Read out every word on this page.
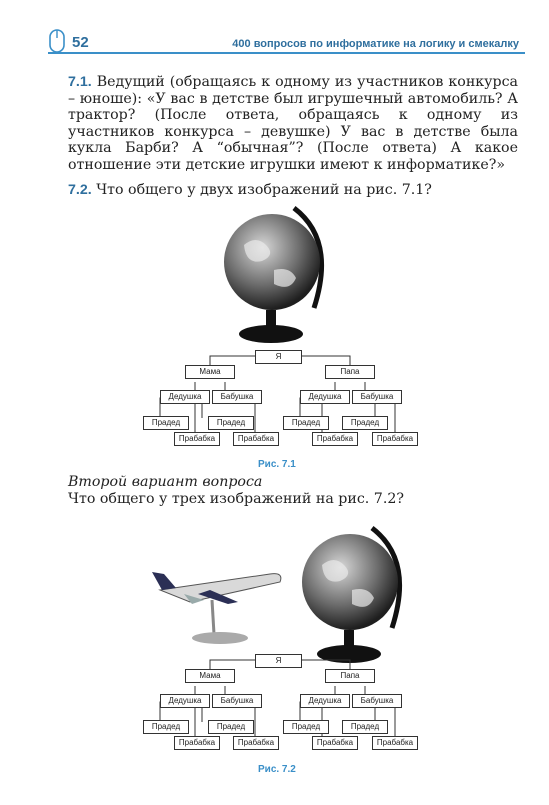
52	400 вопросов по информатике на логику и смекалку
7.1. Ведущий (обращаясь к одному из участников конкурса – юноше): «У вас в детстве был игрушечный автомобиль? А трактор? (После ответа, обращаясь к одному из участников конкурса – девушке) У вас в детстве была кукла Барби? А “обычная”? (После ответа) А какое отношение эти детские игрушки имеют к информатике?»
7.2. Что общего у двух изображений на рис. 7.1?
Я
Мама	Папа
Дедушка	Бабушка	Дедушка	Бабушка
Прадед	Прадед	Прадед	Прадед
Прабабка	Прабабка	Прабабка	Прабабка
Рис. 7.1
Второй вариант вопроса
Что общего у трех изображений на рис. 7.2?
Я
Мама	Папа
Дедушка	Бабушка	Дедушка	Бабушка
Прадед	Прадед	Прадед	Прадед
Прабабка	Прабабка	Прабабка	Прабабка
Рис. 7.2
